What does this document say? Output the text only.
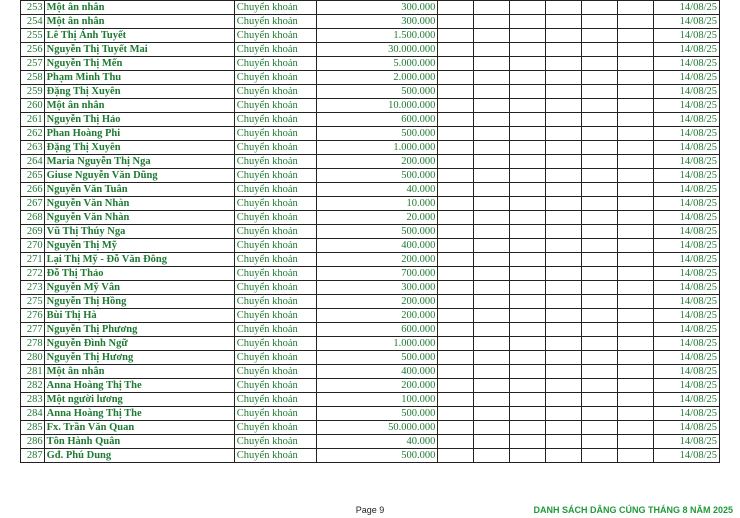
253	Một ân nhân	Chuyển khoản	300.000							14/08/25
254	Một ân nhân	Chuyển khoản	300.000							14/08/25
255	Lê Thị Ánh Tuyết	Chuyển khoản	1.500.000							14/08/25
256	Nguyễn Thị Tuyết Mai	Chuyển khoản	30.000.000							14/08/25
257	Nguyễn Thị Mến	Chuyển khoản	5.000.000							14/08/25
258	Phạm Minh Thu	Chuyển khoản	2.000.000							14/08/25
259	Đặng Thị Xuyên	Chuyển khoản	500.000							14/08/25
260	Một ân nhân	Chuyển khoản	10.000.000							14/08/25
261	Nguyễn Thị Hảo	Chuyển khoản	600.000							14/08/25
262	Phan Hoàng Phi	Chuyển khoản	500.000							14/08/25
263	Đặng Thị Xuyên	Chuyển khoản	1.000.000							14/08/25
264	Maria Nguyễn Thị Nga	Chuyển khoản	200.000							14/08/25
265	Giuse Nguyễn Văn Dũng	Chuyển khoản	500.000							14/08/25
266	Nguyễn Văn Tuân	Chuyển khoản	40.000							14/08/25
267	Nguyễn Văn Nhàn	Chuyển khoản	10.000							14/08/25
268	Nguyễn Văn Nhàn	Chuyển khoản	20.000							14/08/25
269	Vũ Thị Thúy Nga	Chuyển khoản	500.000							14/08/25
270	Nguyễn Thị Mỹ	Chuyển khoản	400.000							14/08/25
271	Lại Thị Mỹ - Đỗ Văn Đông	Chuyển khoản	200.000							14/08/25
272	Đỗ Thị Thảo	Chuyển khoản	700.000							14/08/25
273	Nguyễn Mỹ Vân	Chuyển khoản	300.000							14/08/25
275	Nguyễn Thị Hồng	Chuyển khoản	200.000							14/08/25
276	Bùi Thị Hà	Chuyển khoản	200.000							14/08/25
277	Nguyễn Thị Phương	Chuyển khoản	600.000							14/08/25
278	Nguyễn Đình Ngữ	Chuyển khoản	1.000.000							14/08/25
280	Nguyễn Thị Hương	Chuyển khoản	500.000							14/08/25
281	Một ân nhân	Chuyển khoản	400.000							14/08/25
282	Anna Hoàng Thị The	Chuyển khoản	200.000							14/08/25
283	Một người lương	Chuyển khoản	100.000							14/08/25
284	Anna Hoàng Thị The	Chuyển khoản	500.000							14/08/25
285	Fx. Trần Văn Quan	Chuyển khoản	50.000.000							14/08/25
286	Tôn Hành Quân	Chuyển khoản	40.000							14/08/25
287	Gđ. Phú Dung	Chuyển khoản	500.000							14/08/25
Page 9	DANH SÁCH DÂNG CÚNG THÁNG 8 NĂM 2025
